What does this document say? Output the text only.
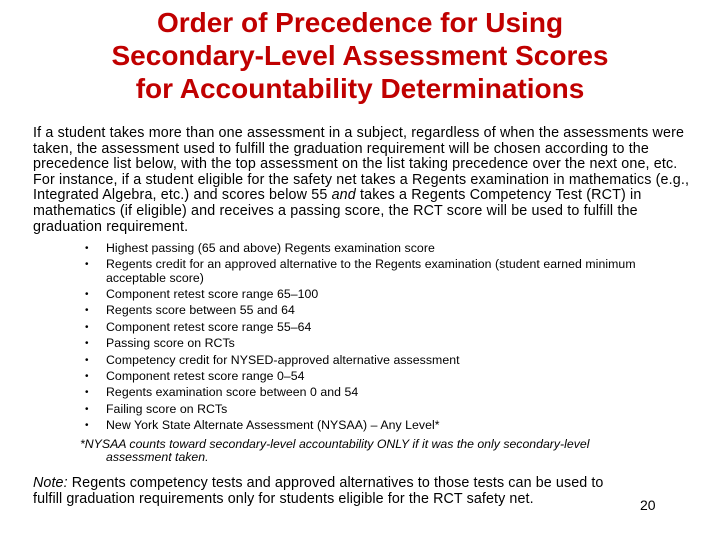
Order of Precedence for Using
Secondary-Level Assessment Scores
for Accountability Determinations
If a student takes more than one assessment in a subject, regardless of when the assessments were taken, the assessment used to fulfill the graduation requirement will be chosen according to the precedence list below, with the top assessment on the list taking precedence over the next one, etc. For instance, if a student eligible for the safety net takes a Regents examination in mathematics (e.g., Integrated Algebra, etc.) and scores below 55 and takes a Regents Competency Test (RCT) in mathematics (if eligible) and receives a passing score, the RCT score will be used to fulfill the graduation requirement.
• Highest passing (65 and above) Regents examination score
• Regents credit for an approved alternative to the Regents examination (student earned minimum acceptable score)
• Component retest score range 65–100
• Regents score between 55 and 64
• Component retest score range 55–64
• Passing score on RCTs
• Competency credit for NYSED-approved alternative assessment
• Component retest score range 0–54
• Regents examination score between 0 and 54
• Failing score on RCTs
• New York State Alternate Assessment (NYSAA) – Any Level*
*NYSAA counts toward secondary-level accountability ONLY if it was the only secondary-level
assessment taken.
Note: Regents competency tests and approved alternatives to those tests can be used to fulfill graduation requirements only for students eligible for the RCT safety net.	20
